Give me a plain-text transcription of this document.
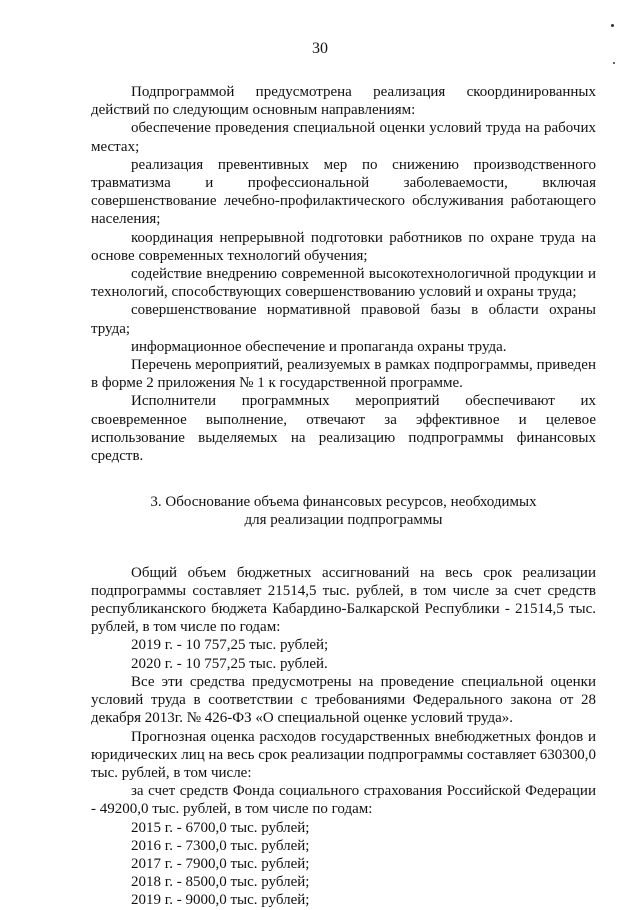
30

Подпрограммой предусмотрена реализация скоординированных действий по следующим основным направлениям:

обеспечение проведения специальной оценки условий труда на рабочих местах;

реализация превентивных мер по снижению производственного травматизма и профессиональной заболеваемости, включая совершенствование лечебно-профилактического обслуживания работающего населения;

координация непрерывной подготовки работников по охране труда на основе современных технологий обучения;

содействие внедрению современной высокотехнологичной продукции и технологий, способствующих совершенствованию условий и охраны труда;

совершенствование нормативной правовой базы в области охраны труда;

информационное обеспечение и пропаганда охраны труда.

Перечень мероприятий, реализуемых в рамках подпрограммы, приведен в форме 2 приложения № 1 к государственной программе.

Исполнители программных мероприятий обеспечивают их своевременное выполнение, отвечают за эффективное и целевое использование выделяемых на реализацию подпрограммы финансовых средств.

3. Обоснование объема финансовых ресурсов, необходимых
для реализации подпрограммы

Общий объем бюджетных ассигнований на весь срок реализации подпрограммы составляет 21514,5 тыс. рублей, в том числе за счет средств республиканского бюджета Кабардино-Балкарской Республики - 21514,5 тыс. рублей, в том числе по годам:

2019 г. - 10 757,25 тыс. рублей;

2020 г. - 10 757,25 тыс. рублей.

Все эти средства предусмотрены на проведение специальной оценки условий труда в соответствии с требованиями Федерального закона от 28 декабря 2013г. № 426-ФЗ «О специальной оценке условий труда».

Прогнозная оценка расходов государственных внебюджетных фондов и юридических лиц на весь срок реализации подпрограммы составляет 630300,0 тыс. рублей, в том числе:

за счет средств Фонда социального страхования Российской Федерации - 49200,0 тыс. рублей, в том числе по годам:

2015 г. - 6700,0 тыс. рублей;

2016 г. - 7300,0 тыс. рублей;

2017 г. - 7900,0 тыс. рублей;

2018 г. - 8500,0 тыс. рублей;

2019 г. - 9000,0 тыс. рублей;
